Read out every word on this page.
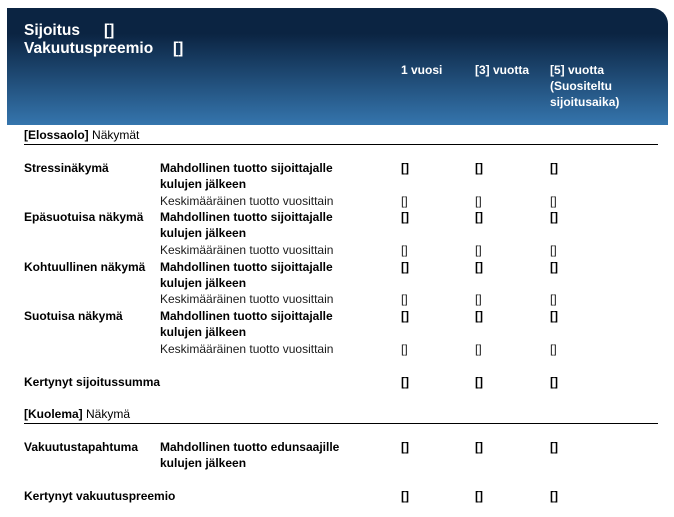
Sijoitus []
Vakuutuspreemio []
1 vuosi	[3] vuotta [5] vuotta
(Suositeltu
sijoitusaika)
[Elossaolo] Näkymät
Stressinäkymä	Mahdollinen tuotto sijoittajalle
kulujen jälkeen
[]	[]	[]
Keskimääräinen tuotto vuosittain	[]	[]	[]
Epäsuotuisa näkymä Mahdollinen tuotto sijoittajalle
kulujen jälkeen
[]	[]	[]
Keskimääräinen tuotto vuosittain	[]	[]	[]
Kohtuullinen näkymä Mahdollinen tuotto sijoittajalle
kulujen jälkeen
[]	[]	[]
Keskimääräinen tuotto vuosittain	[]	[]	[]
Suotuisa näkymä	Mahdollinen tuotto sijoittajalle
kulujen jälkeen
[]	[]	[]
Keskimääräinen tuotto vuosittain	[]	[]	[]
Kertynyt sijoitussumma	[]	[]	[]
[Kuolema] Näkymä
Vakuutustapahtuma Mahdollinen tuotto edunsaajille
kulujen jälkeen
[]	[]	[]
Kertynyt vakuutuspreemio	[]	[]	[]
